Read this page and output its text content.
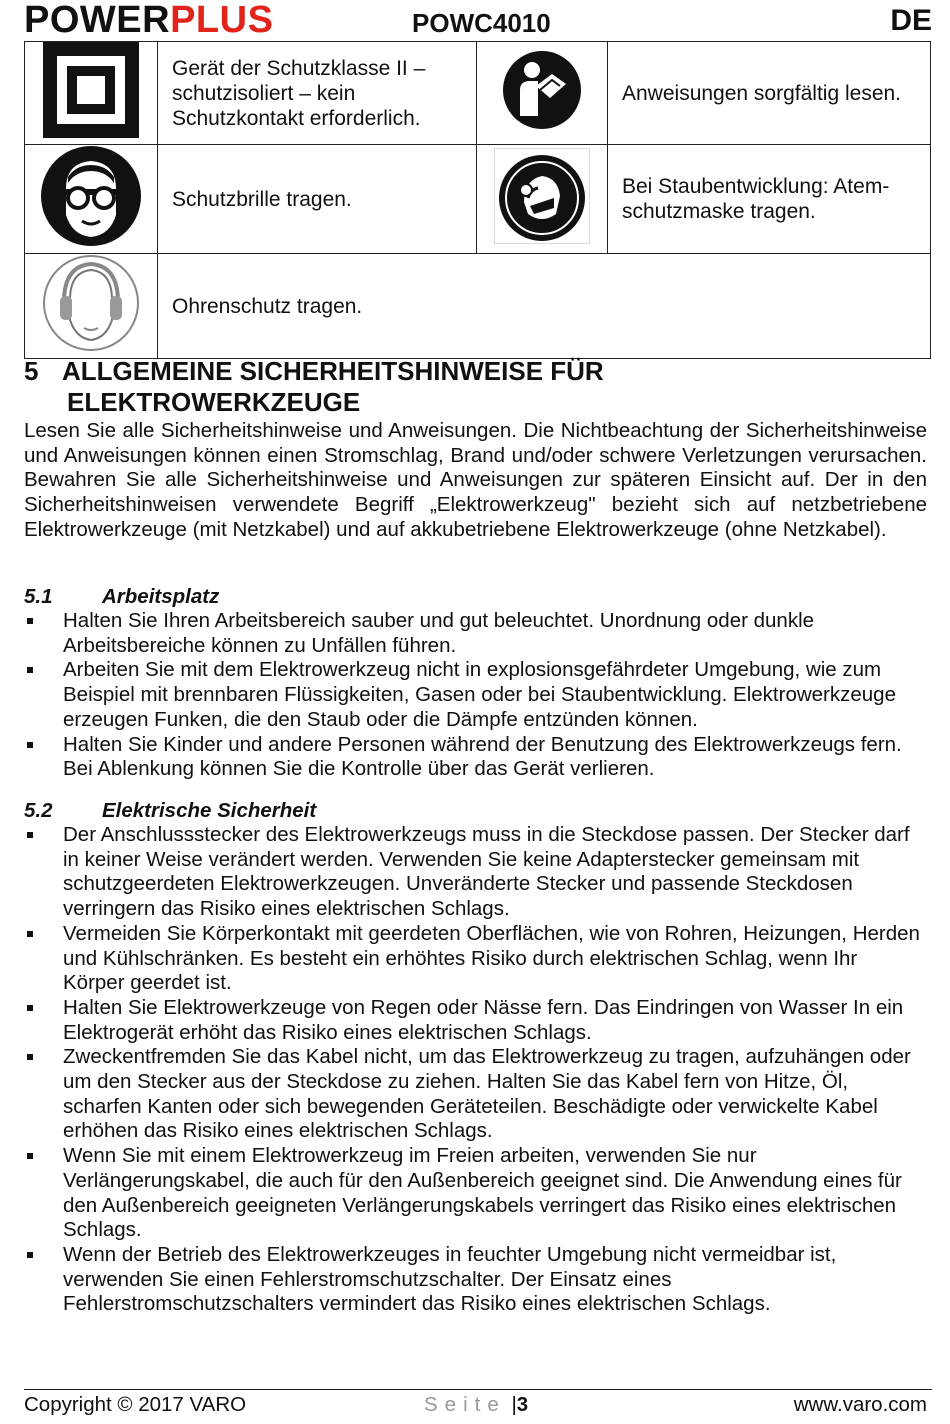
POWERPLUS	POWC4010	DE
	Gerät der Schutzklasse II – schutzisoliert – kein Schutzkontakt erforderlich.		Anweisungen sorgfältig lesen.
	Schutzbrille tragen.		Bei Staubentwicklung: Atem-schutzmaske tragen.
	Ohrenschutz tragen.		
5 ALLGEMEINE SICHERHEITSHINWEISE FÜR
ELEKTROWERKZEUGE
Lesen Sie alle Sicherheitshinweise und Anweisungen. Die Nichtbeachtung der Sicherheitshinweise und Anweisungen können einen Stromschlag, Brand und/oder schwere Verletzungen verursachen. Bewahren Sie alle Sicherheitshinweise und Anweisungen zur späteren Einsicht auf. Der in den Sicherheitshinweisen verwendete Begriff „Elektrowerkzeug" bezieht sich auf netzbetriebene Elektrowerkzeuge (mit Netzkabel) und auf akkubetriebene Elektrowerkzeuge (ohne Netzkabel).
5.1 Arbeitsplatz
Halten Sie Ihren Arbeitsbereich sauber und gut beleuchtet. Unordnung oder dunkle Arbeitsbereiche können zu Unfällen führen.
Arbeiten Sie mit dem Elektrowerkzeug nicht in explosionsgefährdeter Umgebung, wie zum Beispiel mit brennbaren Flüssigkeiten, Gasen oder bei Staubentwicklung. Elektrowerkzeuge erzeugen Funken, die den Staub oder die Dämpfe entzünden können.
Halten Sie Kinder und andere Personen während der Benutzung des Elektrowerkzeugs fern. Bei Ablenkung können Sie die Kontrolle über das Gerät verlieren.
5.2 Elektrische Sicherheit
Der Anschlussstecker des Elektrowerkzeugs muss in die Steckdose passen. Der Stecker darf in keiner Weise verändert werden. Verwenden Sie keine Adapterstecker gemeinsam mit schutzgeerdeten Elektrowerkzeugen. Unveränderte Stecker und passende Steckdosen verringern das Risiko eines elektrischen Schlags.
Vermeiden Sie Körperkontakt mit geerdeten Oberflächen, wie von Rohren, Heizungen, Herden und Kühlschränken. Es besteht ein erhöhtes Risiko durch elektrischen Schlag, wenn Ihr Körper geerdet ist.
Halten Sie Elektrowerkzeuge von Regen oder Nässe fern. Das Eindringen von Wasser In ein Elektrogerät erhöht das Risiko eines elektrischen Schlags.
Zweckentfremden Sie das Kabel nicht, um das Elektrowerkzeug zu tragen, aufzuhängen oder um den Stecker aus der Steckdose zu ziehen. Halten Sie das Kabel fern von Hitze, Öl, scharfen Kanten oder sich bewegenden Geräteteilen. Beschädigte oder verwickelte Kabel erhöhen das Risiko eines elektrischen Schlags.
Wenn Sie mit einem Elektrowerkzeug im Freien arbeiten, verwenden Sie nur Verlängerungskabel, die auch für den Außenbereich geeignet sind. Die Anwendung eines für den Außenbereich geeigneten Verlängerungskabels verringert das Risiko eines elektrischen Schlags.
Wenn der Betrieb des Elektrowerkzeuges in feuchter Umgebung nicht vermeidbar ist, verwenden Sie einen Fehlerstromschutzschalter. Der Einsatz eines Fehlerstromschutzschalters vermindert das Risiko eines elektrischen Schlags.
Copyright © 2017 VARO	Seite |3	www.varo.com
